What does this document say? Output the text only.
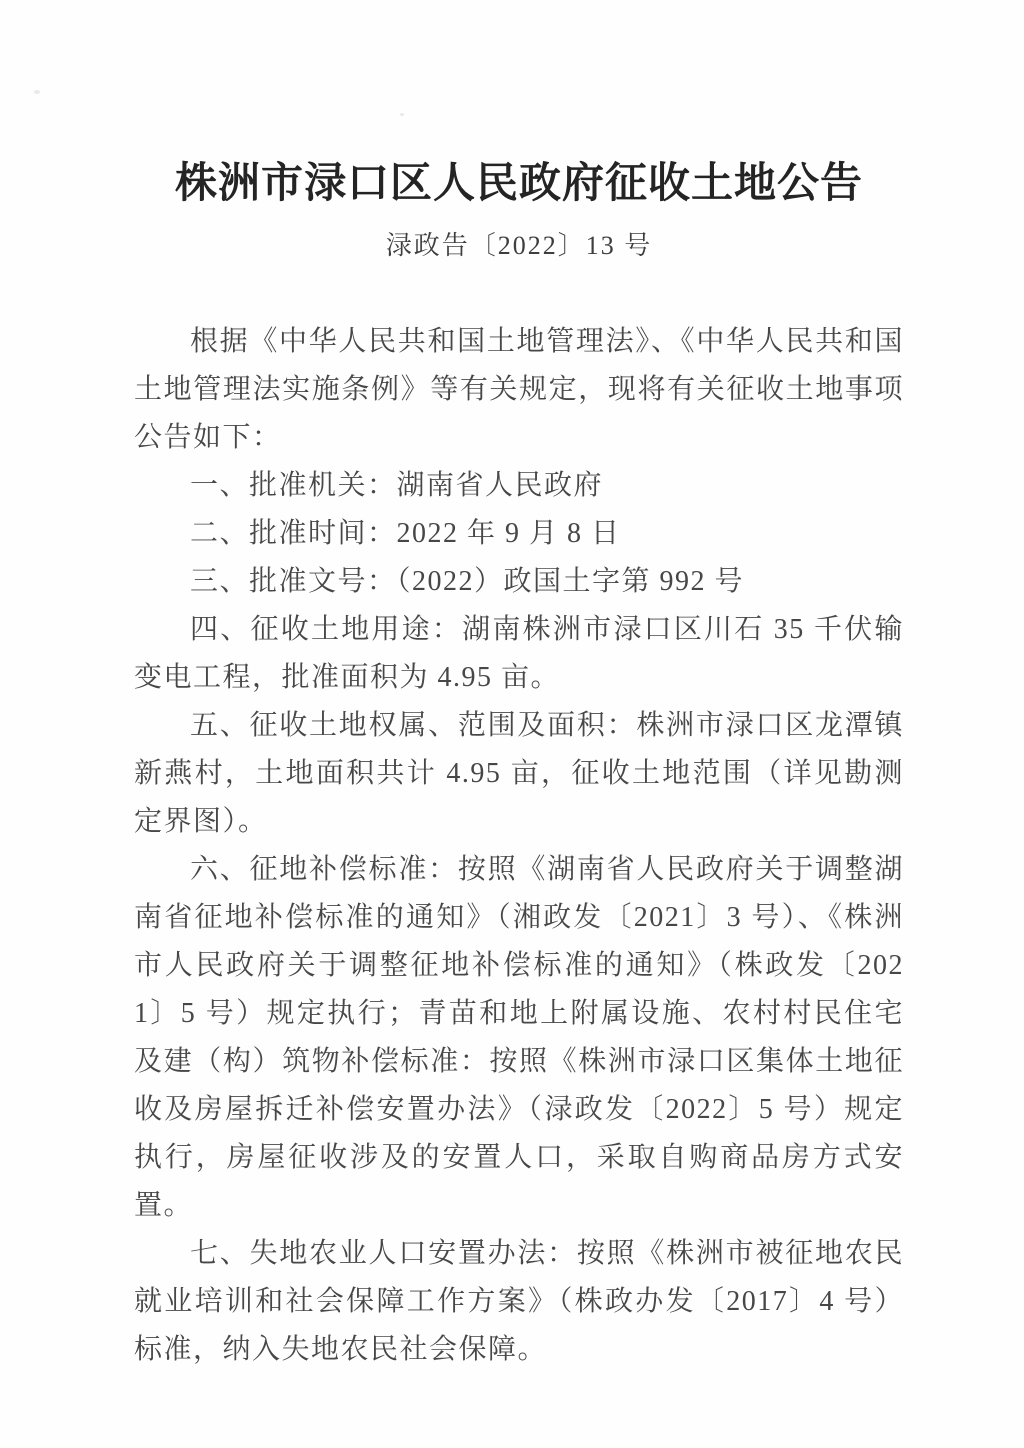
株洲市渌口区人民政府征收土地公告
渌政告〔2022〕13 号

根据《中华人民共和国土地管理法》、《中华人民共和国土地管理法实施条例》等有关规定，现将有关征收土地事项公告如下：

一、批准机关：湖南省人民政府

二、批准时间：2022 年 9 月 8 日

三、批准文号：（2022）政国土字第 992 号

四、征收土地用途：湖南株洲市渌口区川石 35 千伏输变电工程，批准面积为 4.95 亩。

五、征收土地权属、范围及面积：株洲市渌口区龙潭镇新燕村，土地面积共计 4.95 亩，征收土地范围（详见勘测定界图）。

六、征地补偿标准：按照《湖南省人民政府关于调整湖南省征地补偿标准的通知》（湘政发〔2021〕3 号）、《株洲市人民政府关于调整征地补偿标准的通知》（株政发〔2021〕5 号）规定执行；青苗和地上附属设施、农村村民住宅及建（构）筑物补偿标准：按照《株洲市渌口区集体土地征收及房屋拆迁补偿安置办法》（渌政发〔2022〕5 号）规定执行，房屋征收涉及的安置人口，采取自购商品房方式安置。

七、失地农业人口安置办法：按照《株洲市被征地农民就业培训和社会保障工作方案》（株政办发〔2017〕4 号）标准，纳入失地农民社会保障。
